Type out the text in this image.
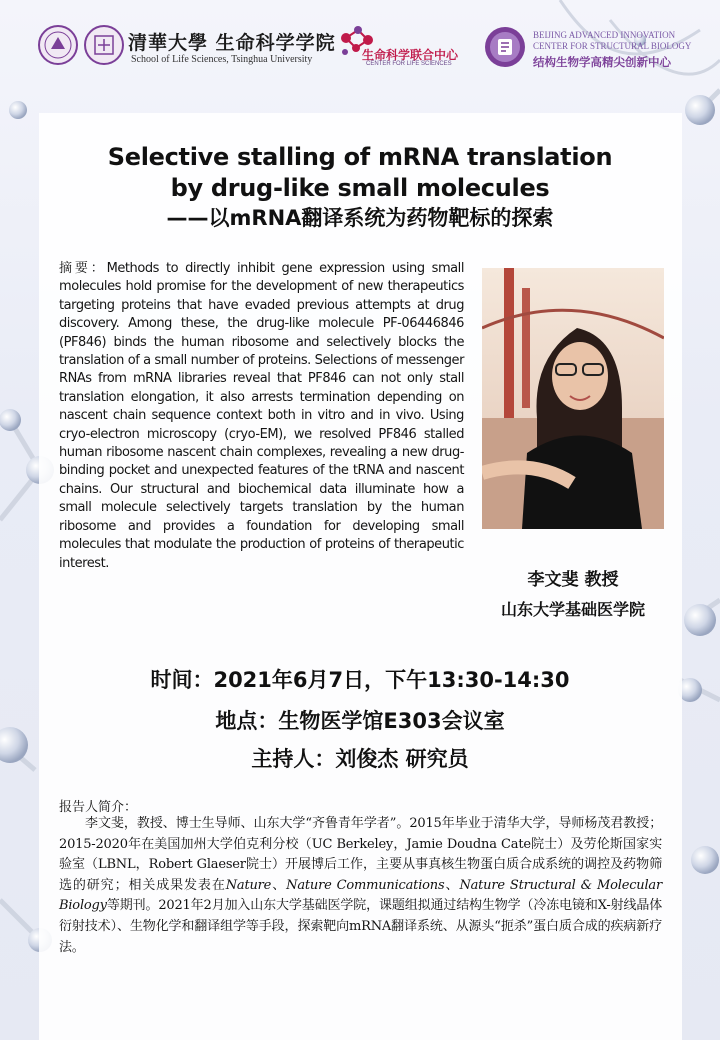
清華大學 生命科学学院
School of Life Sciences, Tsinghua University	生命科学联合中心
CENTER FOR LIFE SCIENCES
BEIJING ADVANCED INNOVATION
CENTER FOR STRUCTURAL BIOLOGY
结构生物学高精尖创新中心
Selective stalling of mRNA translation
by drug-like small molecules
——以mRNA翻译系统为药物靶标的探索
摘要：Methods to directly inhibit gene expression using small molecules hold promise for the development of new therapeutics targeting proteins that have evaded previous attempts at drug discovery. Among these, the drug-like molecule PF-06446846 (PF846) binds the human ribosome and selectively blocks the translation of a small number of proteins. Selections of messenger RNAs from mRNA libraries reveal that PF846 can not only stall translation elongation, it also arrests termination depending on nascent chain sequence context both in vitro and in vivo. Using cryo-electron microscopy (cryo-EM), we resolved PF846 stalled human ribosome nascent chain complexes, revealing a new drug-binding pocket and unexpected features of the tRNA and nascent chains. Our structural and biochemical data illuminate how a small molecule selectively targets translation by the human ribosome and provides a foundation for developing small molecules that modulate the production of proteins of therapeutic interest.
李文斐 教授
山东大学基础医学院
时间：2021年6月7日，下午13:30-14:30
地点：生物医学馆E303会议室
主持人：刘俊杰 研究员
报告人简介：
李文斐，教授、博士生导师、山东大学“齐鲁青年学者”。2015年毕业于清华大学，导师杨茂君教授；2015-2020年在美国加州大学伯克利分校（UC Berkeley，Jamie Doudna Cate院士）及劳伦斯国家实验室（LBNL，Robert Glaeser院士）开展博后工作，主要从事真核生物蛋白质合成系统的调控及药物筛选的研究；相关成果发表在Nature、Nature Communications、Nature Structural & Molecular Biology等期刊。2021年2月加入山东大学基础医学院，课题组拟通过结构生物学（冷冻电镜和X-射线晶体衍射技术）、生物化学和翻译组学等手段，探索靶向mRNA翻译系统、从源头“扼杀”蛋白质合成的疾病新疗法。
